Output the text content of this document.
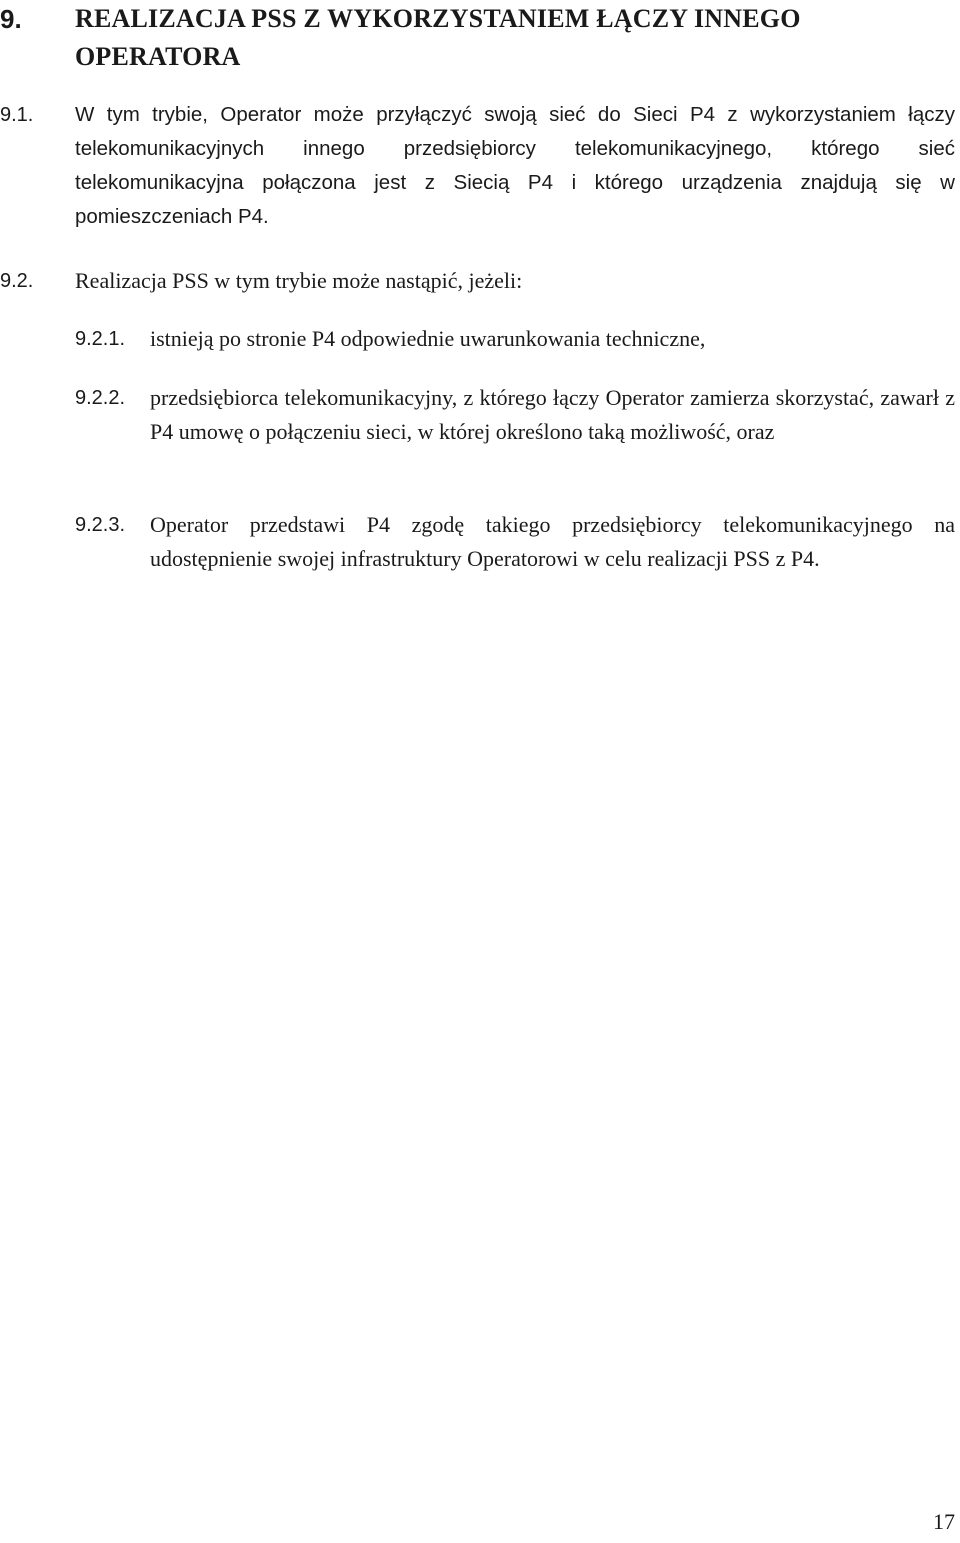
9. REALIZACJA PSS Z WYKORZYSTANIEM ŁĄCZY INNEGO OPERATORA
9.1. W tym trybie, Operator może przyłączyć swoją sieć do Sieci P4 z wykorzystaniem łączy telekomunikacyjnych innego przedsiębiorcy telekomunikacyjnego, którego sieć telekomunikacyjna połączona jest z Siecią P4 i którego urządzenia znajdują się w pomieszczeniach P4.
9.2. Realizacja PSS w tym trybie może nastąpić, jeżeli:
9.2.1. istnieją po stronie P4 odpowiednie uwarunkowania techniczne,
9.2.2. przedsiębiorca telekomunikacyjny, z którego łączy Operator zamierza skorzystać, zawarł z P4 umowę o połączeniu sieci, w której określono taką możliwość, oraz
9.2.3. Operator przedstawi P4 zgodę takiego przedsiębiorcy telekomunikacyjnego na udostępnienie swojej infrastruktury Operatorowi w celu realizacji PSS z P4.
17
